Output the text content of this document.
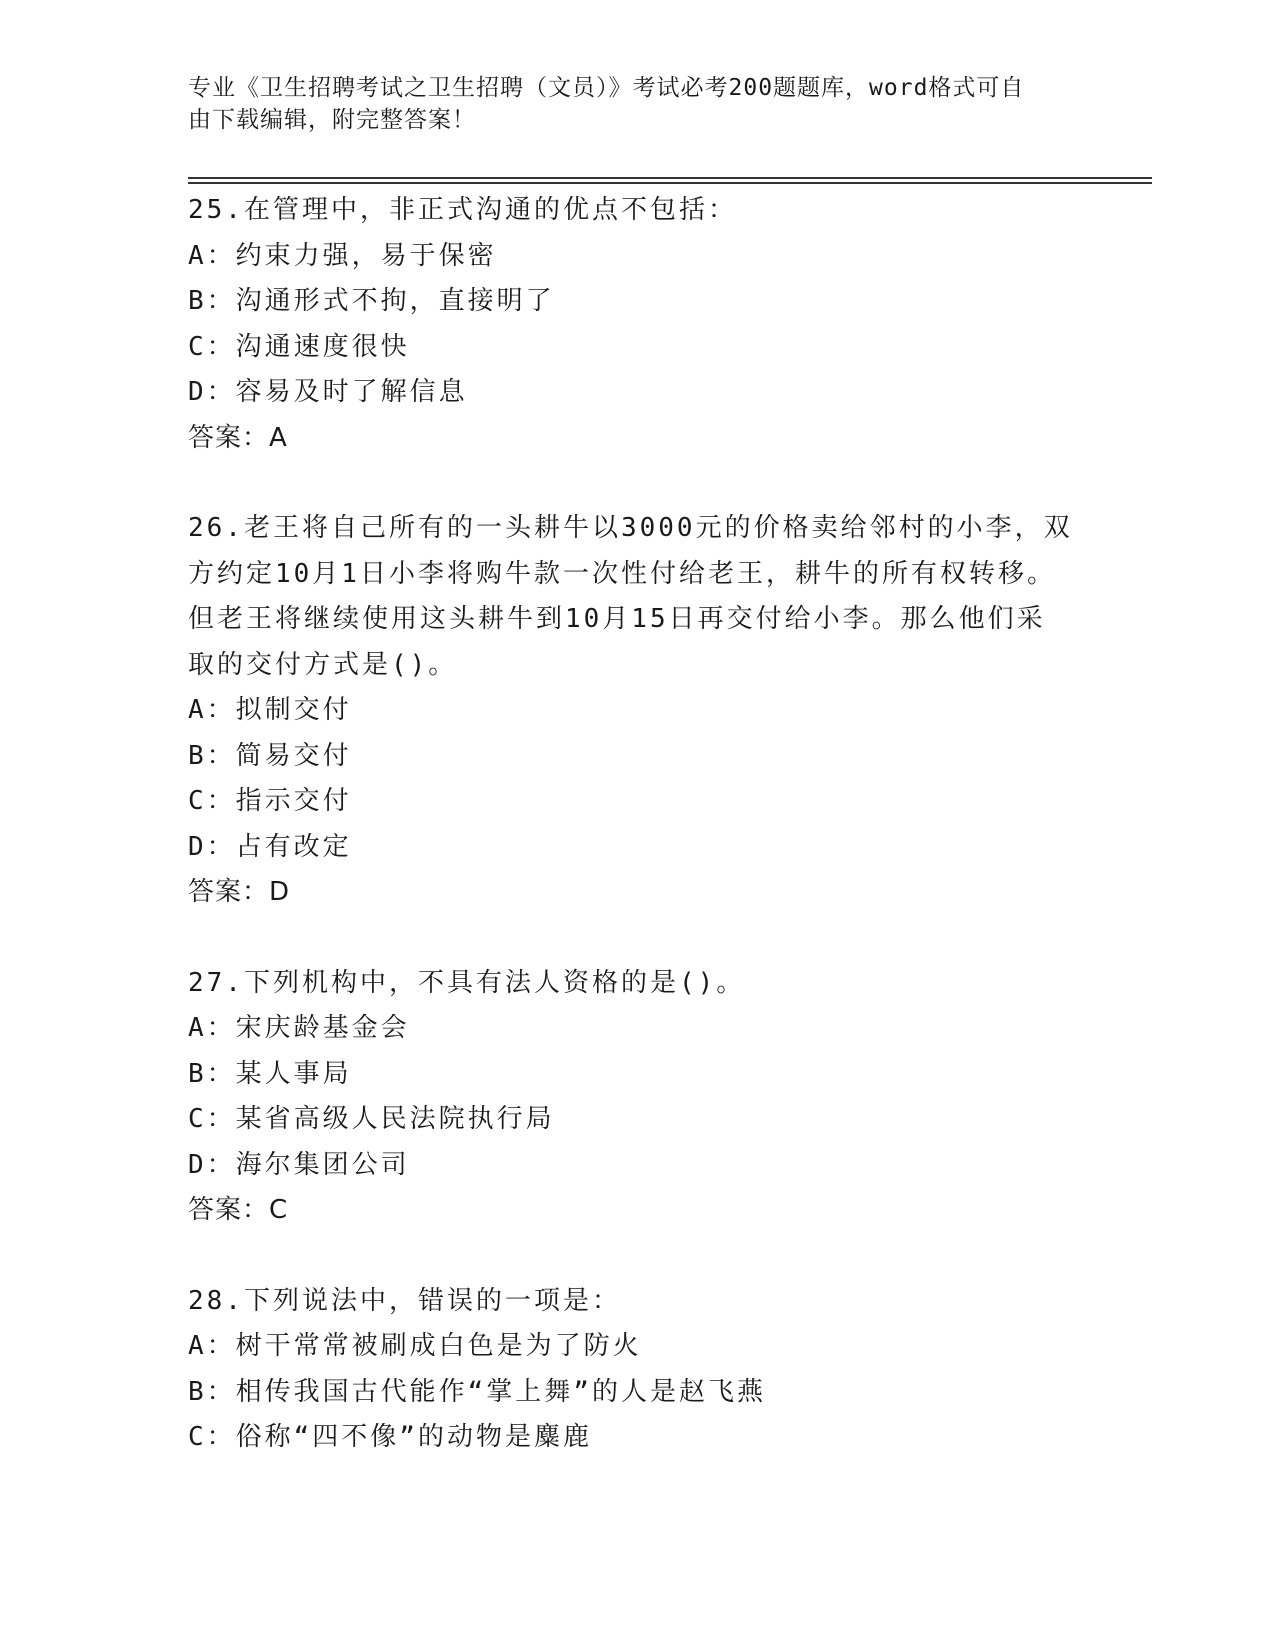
专业《卫生招聘考试之卫生招聘（文员）》考试必考200题题库，word格式可自
由下载编辑，附完整答案！
25.在管理中，非正式沟通的优点不包括：
A：约束力强，易于保密
B：沟通形式不拘，直接明了
C：沟通速度很快
D：容易及时了解信息
答案：A
26.老王将自己所有的一头耕牛以3000元的价格卖给邻村的小李，双
方约定10月1日小李将购牛款一次性付给老王，耕牛的所有权转移。
但老王将继续使用这头耕牛到10月15日再交付给小李。那么他们采
取的交付方式是()。
A：拟制交付
B：简易交付
C：指示交付
D：占有改定
答案：D
27.下列机构中，不具有法人资格的是()。
A：宋庆龄基金会
B：某人事局
C：某省高级人民法院执行局
D：海尔集团公司
答案：C
28.下列说法中，错误的一项是：
A：树干常常被刷成白色是为了防火
B：相传我国古代能作“掌上舞”的人是赵飞燕
C：俗称“四不像”的动物是麋鹿
